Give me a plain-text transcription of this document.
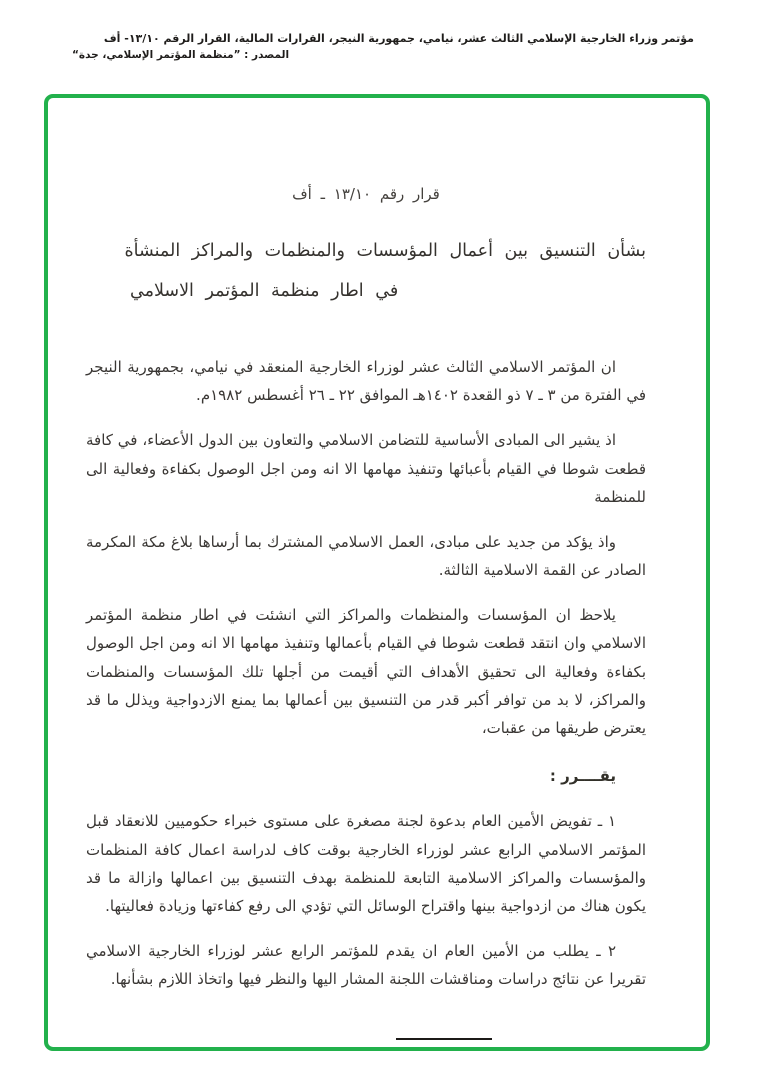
مؤتمر وزراء الخارجية الإسلامي الثالث عشر، نيامي، جمهورية النيجر، القرارات المالية، القرار الرقم ١٣/١٠- أف
المصدر : ”منظمة المؤتمر الإسلامي، جدة“
قرار رقم ١٣/١٠ ـ أف
بشأن التنسيق بين أعمال المؤسسات والمنظمات والمراكز المنشأة
في اطار منظمة المؤتمر الاسلامي

ان المؤتمر الاسلامي الثالث عشر لوزراء الخارجية المنعقد في نيامي، بجمهورية النيجر في الفترة من ٣ ـ ٧ ذو القعدة ١٤٠٢هـ الموافق ٢٢ ـ ٢٦ أغسطس ١٩٨٢م.

اذ يشير الى المبادى الأساسية للتضامن الاسلامي والتعاون بين الدول الأعضاء، في كافة قطعت شوطا في القيام بأعبائها وتنفيذ مهامها الا انه ومن اجل الوصول بكفاءة وفعالية الى للمنظمة

واذ يؤكد من جديد على مبادى، العمل الاسلامي المشترك بما أرساها بلاغ مكة المكرمة الصادر عن القمة الاسلامية الثالثة.

يلاحظ ان المؤسسات والمنظمات والمراكز التي انشئت في اطار منظمة المؤتمر الاسلامي وان انتقد قطعت شوطا في القيام بأعمالها وتنفيذ مهامها الا انه ومن اجل الوصول بكفاءة وفعالية الى تحقيق الأهداف التي أقيمت من أجلها تلك المؤسسات والمنظمات والمراكز، لا بد من توافر أكبر قدر من التنسيق بين أعمالها بما يمنع الازدواجية ويذلل ما قد يعترض طريقها من عقبات،

يقــــرر :

١ ـ تفويض الأمين العام بدعوة لجنة مصغرة على مستوى خبراء حكوميين للانعقاد قبل المؤتمر الاسلامي الرابع عشر لوزراء الخارجية بوقت كاف لدراسة اعمال كافة المنظمات والمؤسسات والمراكز الاسلامية التابعة للمنظمة بهدف التنسيق بين اعمالها وازالة ما قد يكون هناك من ازدواجية بينها واقتراح الوسائل التي تؤدي الى رفع كفاءتها وزيادة فعاليتها.

٢ ـ يطلب من الأمين العام ان يقدم للمؤتمر الرابع عشر لوزراء الخارجية الاسلامي تقريرا عن نتائج دراسات ومناقشات اللجنة المشار اليها والنظر فيها واتخاذ اللازم بشأنها.
